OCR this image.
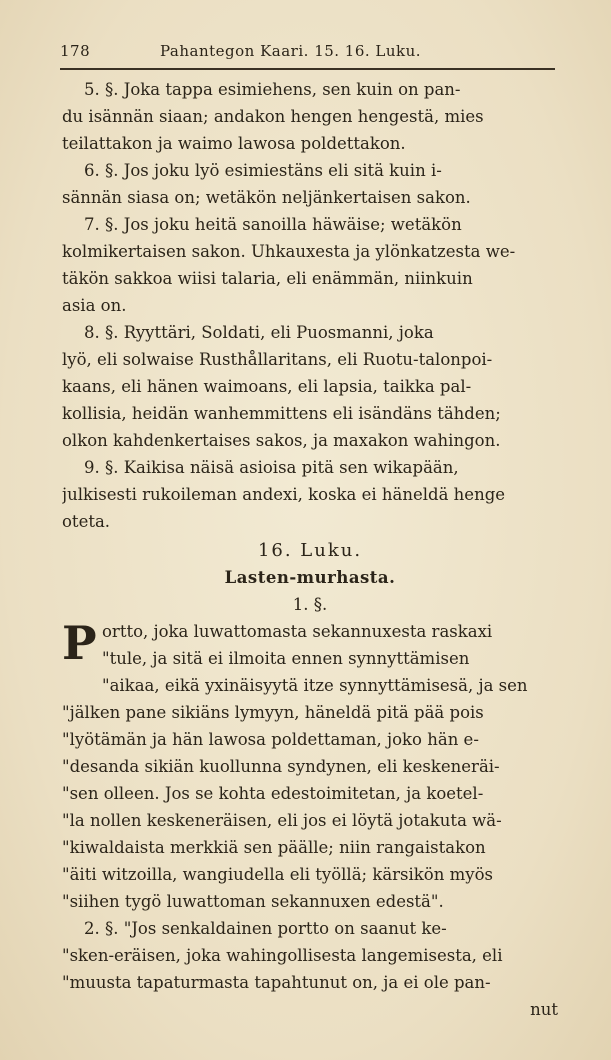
178	Pahantegon Kaari. 15. 16. Luku.
5. §. Joka tappa esimiehens, sen kuin on pan-
du isännän siaan; andakon hengen hengestä, mies
teilattakon ja waimo lawosa poldettakon.
6. §. Jos joku lyö esimiestäns eli sitä kuin i-
sännän siasa on; wetäkön neljänkertaisen sakon.
7. §. Jos joku heitä sanoilla häwäise; wetäkön
kolmikertaisen sakon. Uhkauxesta ja ylönkatzesta we-
täkön sakkoa wiisi talaria, eli enämmän, niinkuin
asia on.
8. §. Ryyttäri, Soldati, eli Puosmanni, joka
lyö, eli solwaise Rusthållaritans, eli Ruotu-talonpoi-
kaans, eli hänen waimoans, eli lapsia, taikka pal-
kollisia, heidän wanhemmittens eli isändäns tähden;
olkon kahdenkertaises sakos, ja maxakon wahingon.
9. §. Kaikisa näisä asioisa pitä sen wikapään,
julkisesti rukoileman andexi, koska ei häneldä henge
oteta.
16. Luku.
Lasten-murhasta.
1. §.
P ortto, joka luwattomasta sekannuxesta raskaxi
"tule, ja sitä ei ilmoita ennen synnyttämisen
"aikaa, eikä yxinäisyytä itze synnyttämisesä, ja sen
"jälken pane sikiäns lymyyn, häneldä pitä pää pois
"lyötämän ja hän lawosa poldettaman, joko hän e-
"desanda sikiän kuollunna syndynen, eli keskeneräi-
"sen olleen. Jos se kohta edestoimitetan, ja koetel-
"la nollen keskeneräisen, eli jos ei löytä jotakuta wä-
"kiwaldaista merkkiä sen päälle; niin rangaistakon
"äiti witzoilla, wangiudella eli työllä; kärsikön myös
"siihen tygö luwattoman sekannuxen edestä".
2. §. "Jos senkaldainen portto on saanut ke-
"sken-eräisen, joka wahingollisesta langemisesta, eli
"muusta tapaturmasta tapahtunut on, ja ei ole pan-
nut
